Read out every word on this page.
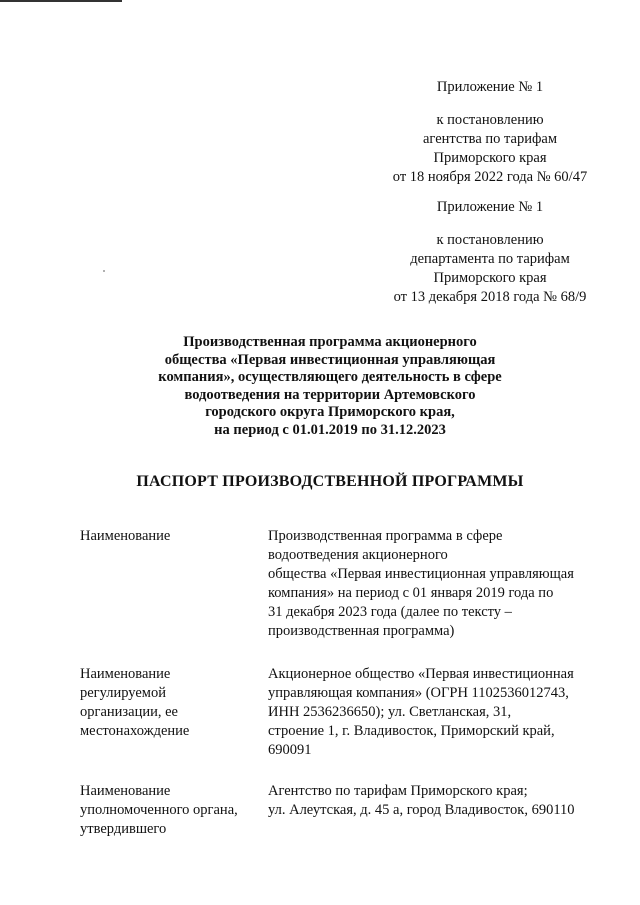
Приложение № 1
к постановлению
агентства по тарифам
Приморского края
от 18 ноября 2022 года № 60/47
Приложение № 1
к постановлению
департамента по тарифам
Приморского края
от 13 декабря 2018 года № 68/9
Производственная программа акционерного
общества «Первая инвестиционная управляющая
компания», осуществляющего деятельность в сфере
водоотведения на территории Артемовского
городского округа Приморского края,
на период с 01.01.2019 по 31.12.2023
ПАСПОРТ ПРОИЗВОДСТВЕННОЙ ПРОГРАММЫ
Наименование	Производственная программа в сфере
водоотведения акционерного
общества «Первая инвестиционная управляющая
компания» на период с 01 января 2019 года по
31 декабря 2023 года (далее по тексту –
производственная программа)
Наименование
регулируемой
организации, ее
местонахождение
Акционерное общество «Первая инвестиционная
управляющая компания» (ОГРН 1102536012743,
ИНН 2536236650); ул. Светланская, 31,
строение 1, г. Владивосток, Приморский край,
690091
Наименование
уполномоченного органа,
утвердившего
Агентство по тарифам Приморского края;
ул. Алеутская, д. 45 а, город Владивосток, 690110
